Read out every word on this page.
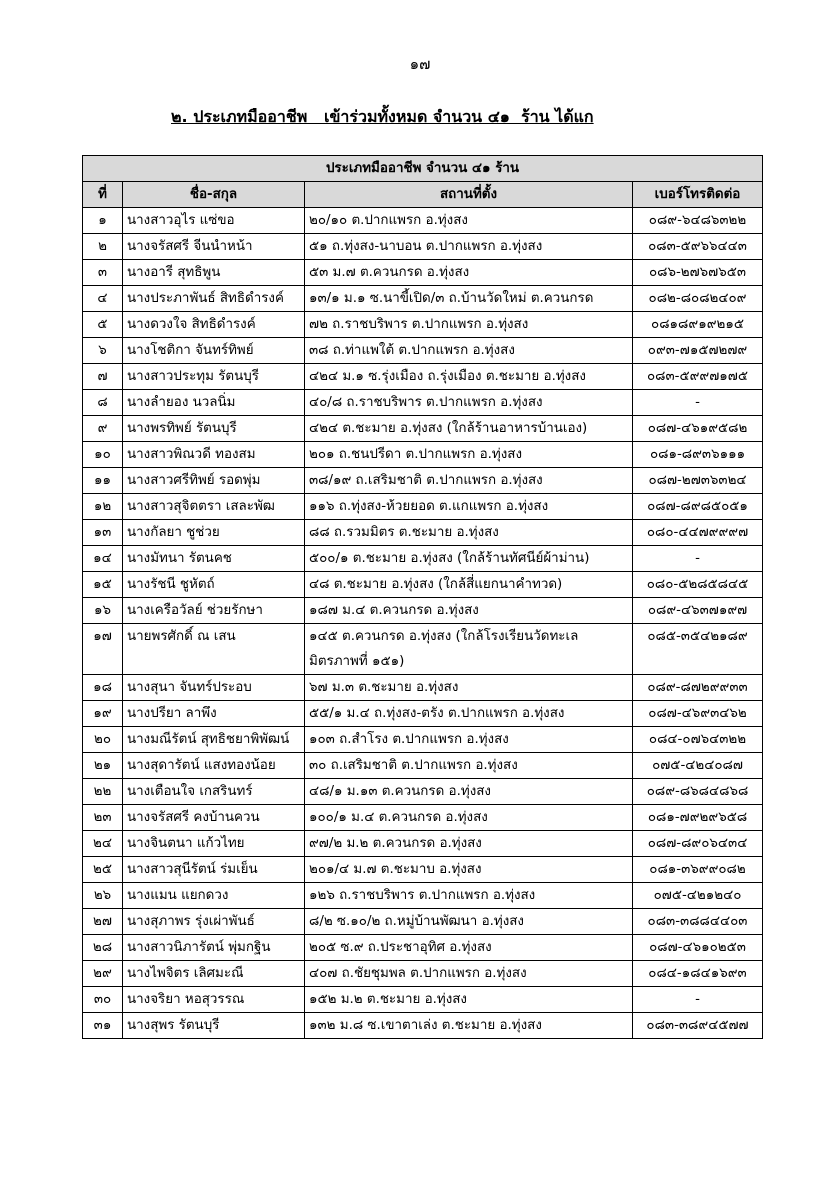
๑๗
๒. ประเภทมืออาชีพ   เข้าร่วมทั้งหมด จำนวน ๔๑  ร้าน ได้แก
ประเภทมืออาชีพ จำนวน ๔๑ ร้าน			
ที่	ชื่อ-สกุล	สถานที่ตั้ง	เบอร์โทรติดต่อ
๑	นางสาวอุไร แซ่ขอ	๒๐/๑๐ ต.ปากแพรก อ.ทุ่งสง	๐๘๙-๖๔๘๖๓๒๒
๒	นางจรัสศรี จีนนำหน้า	๕๑ ถ.ทุ่งสง-นาบอน ต.ปากแพรก อ.ทุ่งสง	๐๘๓-๕๙๖๖๔๔๓
๓	นางอารี สุทธิพูน	๕๓ ม.๗ ต.ควนกรด อ.ทุ่งสง	๐๘๖-๒๗๖๗๖๕๓
๔	นางประภาพันธ์ สิทธิดำรงค์	๑๓/๑ ม.๑ ซ.นาขี้เปิด/๓ ถ.บ้านวัดใหม่ ต.ควนกรด	๐๘๒-๘๐๘๒๔๐๙
๕	นางดวงใจ สิทธิดำรงค์	๗๒ ถ.ราชบริพาร ต.ปากแพรก อ.ทุ่งสง	๐๘๑๘๙๑๙๒๑๕
๖	นางโชติกา จันทร์ทิพย์	๓๘ ถ.ท่าแพใต้ ต.ปากแพรก อ.ทุ่งสง	๐๙๓-๗๑๕๗๒๗๙
๗	นางสาวประทุม รัตนบุรี	๔๒๔ ม.๑ ซ.รุ่งเมือง ถ.รุ่งเมือง ต.ชะมาย อ.ทุ่งสง	๐๘๓-๕๙๙๗๑๗๕
๘	นางลำยอง นวลนิ่ม	๔๐/๘ ถ.ราชบริพาร ต.ปากแพรก อ.ทุ่งสง	-
๙	นางพรทิพย์ รัตนบุรี	๔๒๔ ต.ชะมาย อ.ทุ่งสง (ใกล้ร้านอาหารบ้านเอง)	๐๘๗-๔๖๑๙๕๘๒
๑๐	นางสาวพิณวดี ทองสม	๒๐๑ ถ.ชนปรีดา ต.ปากแพรก อ.ทุ่งสง	๐๘๑-๘๙๓๖๑๑๑
๑๑	นางสาวศรีทิพย์ รอดพุ่ม	๓๘/๑๙ ถ.เสริมชาติ ต.ปากแพรก อ.ทุ่งสง	๐๘๗-๒๗๓๖๓๒๔
๑๒	นางสาวสุจิตตรา เสละพัฒ	๑๑๖ ถ.ทุ่งสง-ห้วยยอด ต.แกแพรก อ.ทุ่งสง	๐๘๗-๘๙๘๕๐๕๑
๑๓	นางกัลยา ชูช่วย	๘๘ ถ.รวมมิตร ต.ชะมาย อ.ทุ่งสง	๐๘๐-๔๔๗๙๙๙๗
๑๔	นางมัทนา รัตนคช	๕๐๐/๑ ต.ชะมาย อ.ทุ่งสง (ใกล้ร้านทัศนีย์ผ้าม่าน)	-
๑๕	นางรัชนี ชูหัตถ์	๔๘ ต.ชะมาย อ.ทุ่งสง (ใกล้สี่แยกนาคำทวด)	๐๘๐-๕๒๘๕๘๔๕
๑๖	นางเครือวัลย์ ช่วยรักษา	๑๘๗ ม.๔ ต.ควนกรด อ.ทุ่งสง	๐๘๙-๔๖๓๗๑๙๗
๑๗	นายพรศักดิ์ ณ เสน	๑๔๕ ต.ควนกรด อ.ทุ่งสง (ใกล้โรงเรียนวัดทะเลมิตรภาพที่ ๑๕๑)	๐๘๕-๓๕๔๒๑๘๙
๑๘	นางสุนา จันทร์ประอบ	๖๗ ม.๓ ต.ชะมาย อ.ทุ่งสง	๐๘๙-๘๗๒๙๙๓๓
๑๙	นางปรียา ลาพึง	๕๕/๑ ม.๔ ถ.ทุ่งสง-ตรัง ต.ปากแพรก อ.ทุ่งสง	๐๘๗-๔๖๙๓๔๖๒
๒๐	นางมณีรัตน์ สุทธิชยาพิพัฒน์	๑๐๓ ถ.สำโรง ต.ปากแพรก อ.ทุ่งสง	๐๘๔-๐๗๖๔๓๒๒
๒๑	นางสุดารัตน์ แสงทองน้อย	๓๐ ถ.เสริมชาติ ต.ปากแพรก อ.ทุ่งสง	๐๗๕-๔๒๔๐๘๗
๒๒	นางเตือนใจ เกสรินทร์	๔๘/๑ ม.๑๓ ต.ควนกรด อ.ทุ่งสง	๐๘๙-๘๖๘๔๘๖๘
๒๓	นางจรัสศรี คงบ้านควน	๑๐๐/๑ ม.๔ ต.ควนกรด อ.ทุ่งสง	๐๘๑-๗๙๒๙๖๕๘
๒๔	นางจินตนา แก้วไทย	๙๗/๒ ม.๒ ต.ควนกรด อ.ทุ่งสง	๐๘๗-๘๙๐๖๔๓๔
๒๕	นางสาวสุนีรัตน์ ร่มเย็น	๒๐๑/๔ ม.๗ ต.ชะมาบ อ.ทุ่งสง	๐๘๑-๓๖๙๙๐๘๒
๒๖	นางแมน แยกดวง	๑๒๖ ถ.ราชบริพาร ต.ปากแพรก อ.ทุ่งสง	๐๗๕-๔๒๑๒๔๐
๒๗	นางสุภาพร รุ่งเผ่าพันธ์	๘/๒ ซ.๑๐/๒ ถ.หมู่บ้านพัฒนา อ.ทุ่งสง	๐๘๓-๓๘๘๔๔๐๓
๒๘	นางสาวนิภารัตน์ พุ่มกฐิน	๒๐๕ ซ.๙ ถ.ประชาอุทิศ อ.ทุ่งสง	๐๘๗-๔๖๑๐๒๕๓
๒๙	นางไพจิตร เลิศมะณี	๔๐๗ ถ.ชัยชุมพล ต.ปากแพรก อ.ทุ่งสง	๐๘๔-๑๘๔๑๖๙๓
๓๐	นางจริยา หอสุวรรณ	๑๕๒ ม.๒ ต.ชะมาย อ.ทุ่งสง	-
๓๑	นางสุพร รัตนบุรี	๑๓๒ ม.๘ ซ.เขาตาเล่ง ต.ชะมาย อ.ทุ่งสง	๐๘๓-๓๘๙๔๕๗๗
